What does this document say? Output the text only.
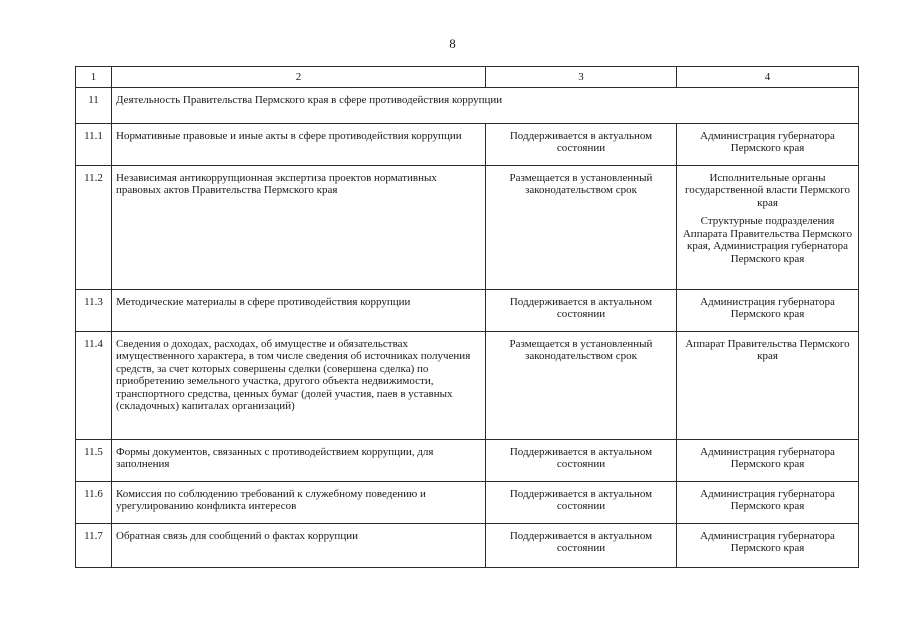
8
1	2	3	4
11	Деятельность Правительства Пермского края в сфере противодействия коррупции		
11.1	Нормативные правовые и иные акты в сфере противодействия коррупции	Поддерживается в актуальном состоянии	Администрация губернатора Пермского края

11.2	Независимая антикоррупционная экспертиза проектов нормативных правовых актов Правительства Пермского края	Размещается в установленный законодательством срок	Исполнительные органы государственной власти Пермского края
Структурные подразделения Аппарата Правительства Пермского края, Администрация губернатора Пермского края

11.3	Методические материалы в сфере противодействия коррупции	Поддерживается в актуальном состоянии	Администрация губернатора Пермского края

11.4	Сведения о доходах, расходах, об имуществе и обязательствах имущественного характера, в том числе сведения об источниках получения средств, за счет которых совершены сделки (совершена сделка) по приобретению земельного участка, другого объекта недвижимости, транспортного средства, ценных бумаг (долей участия, паев в уставных (складочных) капиталах организаций)	Размещается в установленный законодательством срок	Аппарат Правительства Пермского края

11.5	Формы документов, связанных с противодействием коррупции, для заполнения	Поддерживается в актуальном состоянии	Администрация губернатора Пермского края

11.6	Комиссия по соблюдению требований к служебному поведению и урегулированию конфликта интересов	Поддерживается в актуальном состоянии	Администрация губернатора Пермского края

11.7	Обратная связь для сообщений о фактах коррупции	Поддерживается в актуальном состоянии	Администрация губернатора Пермского края
